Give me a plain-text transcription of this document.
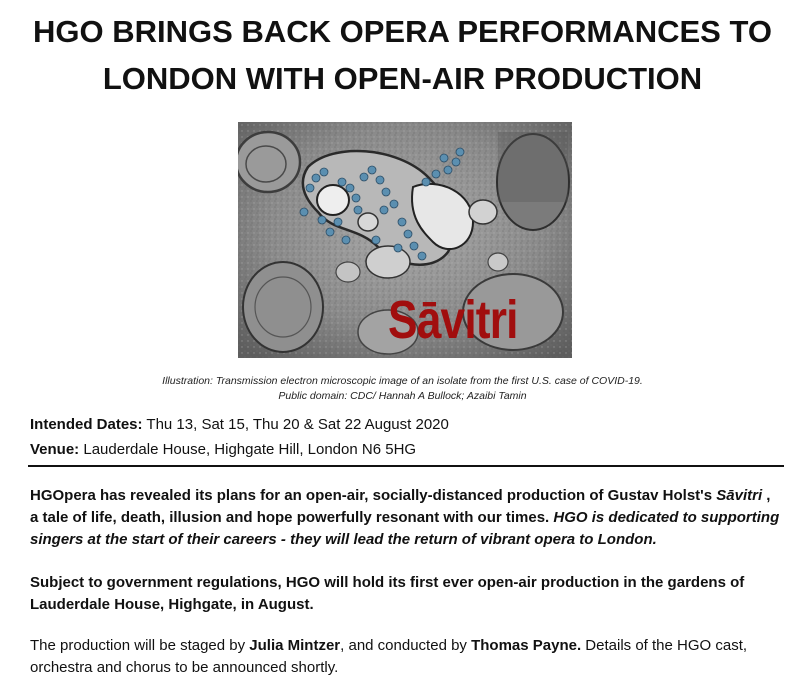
HGO BRINGS BACK OPERA PERFORMANCES TO
LONDON WITH OPEN-AIR PRODUCTION
Sāvitri
Illustration: Transmission electron microscopic image of an isolate from the first U.S. case of COVID-19.
Public domain: CDC/ Hannah A Bullock; Azaibi Tamin
Intended Dates: Thu 13, Sat 15, Thu 20 & Sat 22 August 2020
Venue: Lauderdale House, Highgate Hill, London N6 5HG
HGOpera has revealed its plans for an open-air, socially-distanced production of Gustav Holst's Sāvitri , a tale of life, death, illusion and hope powerfully resonant with our times. HGO is dedicated to supporting singers at the start of their careers - they will lead the return of vibrant opera to London.
Subject to government regulations, HGO will hold its first ever open-air production in the gardens of Lauderdale House, Highgate, in August.
The production will be staged by Julia Mintzer, and conducted by Thomas Payne. Details of the HGO cast, orchestra and chorus to be announced shortly.
